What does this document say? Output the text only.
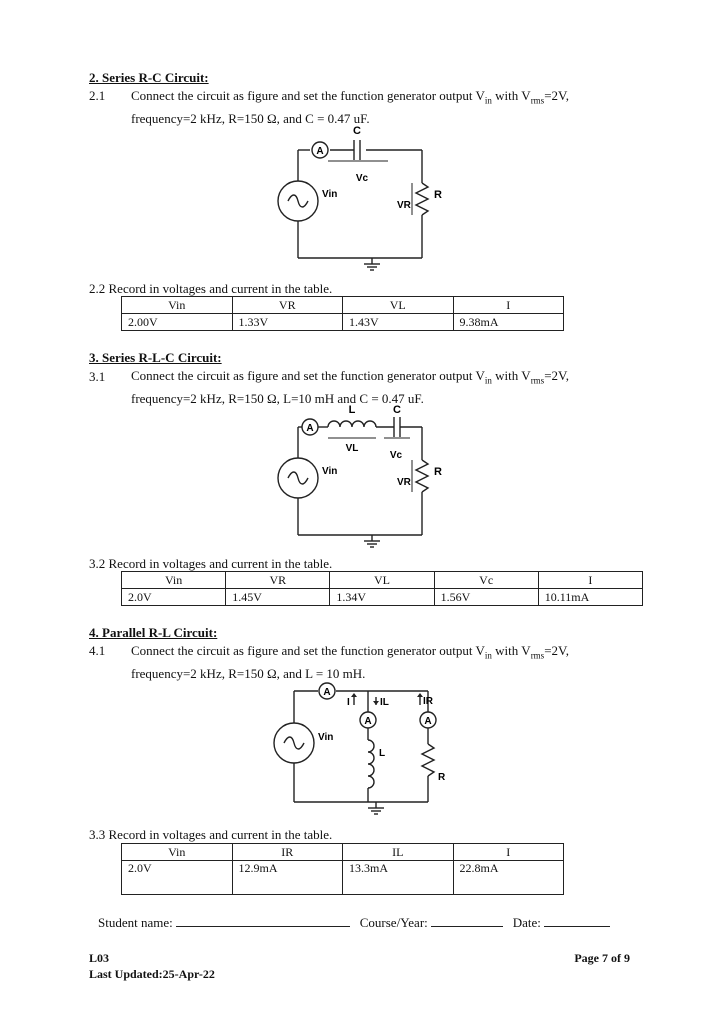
2. Series R-C Circuit:
2.1 Connect the circuit as figure and set the function generator output $V_{in}$ with $V_{rms}=2V$,
frequency=2 kHz, R=150 Ω, and C = 0.47 uF.
A
C
Vc
Vin
VR
R
2.2 Record in voltages and current in the table.
Vin	VR	VL	I
2.00V	1.33V	1.43V	9.38mA
3. Series R-L-C Circuit:
3.1 Connect the circuit as figure and set the function generator output $V_{in}$ with $V_{rms}=2V$,
frequency=2 kHz, R=150 Ω, L=10 mH and C = 0.47 uF.
A
L	C
VL
Vc
Vin
VR
R
3.2 Record in voltages and current in the table.
Vin	VR	VL	Vc	I
2.0V	1.45V	1.34V	1.56V	10.11mA
4. Parallel R-L Circuit:
4.1 Connect the circuit as figure and set the function generator output $V_{in}$ with $V_{rms}=2V$,
frequency=2 kHz, R=150 Ω, and L = 10 mH.
A
A	A
I	IL	IR
Vin
L
R
3.3 Record in voltages and current in the table.
Vin	IR	IL	I
2.0V	12.9mA	13.3mA	22.8mA
Student name:	Course/Year:	Date:
L03
Last Updated:25-Apr-22
Page 7 of 9
